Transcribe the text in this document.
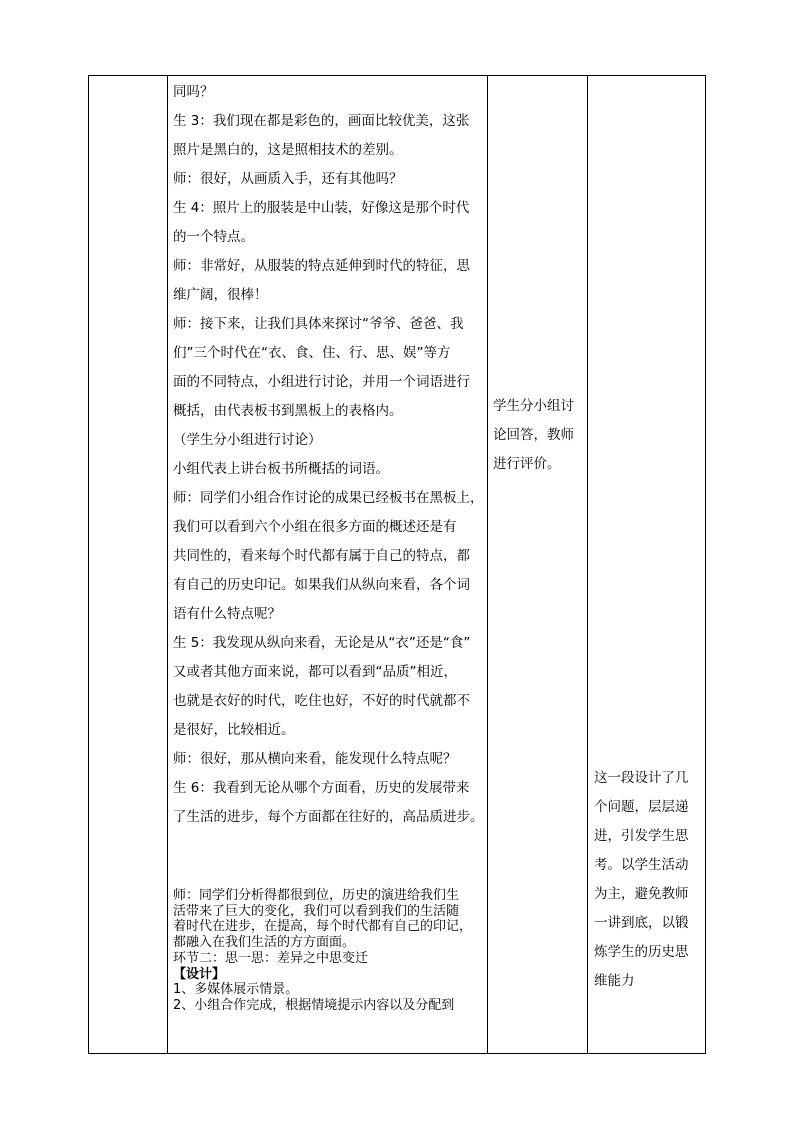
同吗？

生 3：我们现在都是彩色的，画面比较优美，这张

照片是黑白的，这是照相技术的差别。

师：很好，从画质入手，还有其他吗？

生 4：照片上的服装是中山装，好像这是那个时代

的一个特点。

师：非常好，从服装的特点延伸到时代的特征，思

维广阔，很棒！

师：接下来，让我们具体来探讨“爷爷、爸爸、我

们”三个时代在“衣、食、住、行、思、娱”等方

面的不同特点，小组进行讨论，并用一个词语进行

概括，由代表板书到黑板上的表格内。

（学生分小组进行讨论）

小组代表上讲台板书所概括的词语。

师：同学们小组合作讨论的成果已经板书在黑板上，

我们可以看到六个小组在很多方面的概述还是有

共同性的，看来每个时代都有属于自己的特点，都

有自己的历史印记。如果我们从纵向来看，各个词

语有什么特点呢？

生 5：我发现从纵向来看，无论是从“衣”还是“食”

又或者其他方面来说，都可以看到“品质”相近，

也就是衣好的时代，吃住也好，不好的时代就都不

是很好，比较相近。

师：很好，那从横向来看，能发现什么特点呢？

生 6：我看到无论从哪个方面看，历史的发展带来

了生活的进步，每个方面都在往好的，高品质进步。

师：同学们分析得都很到位，历史的演进给我们生

活带来了巨大的变化，我们可以看到我们的生活随

着时代在进步，在提高，每个时代都有自己的印记，

都融入在我们生活的方方面面。

环节二：思一思：差异之中思变迁

【设计】

1、多媒体展示情景。

2、小组合作完成，根据情境提示内容以及分配到

学生分小组讨

论回答，教师

进行评价。

这一段设计了几

个问题，层层递

进，引发学生思

考。以学生活动

为主，避免教师

一讲到底，以锻

炼学生的历史思

维能力
